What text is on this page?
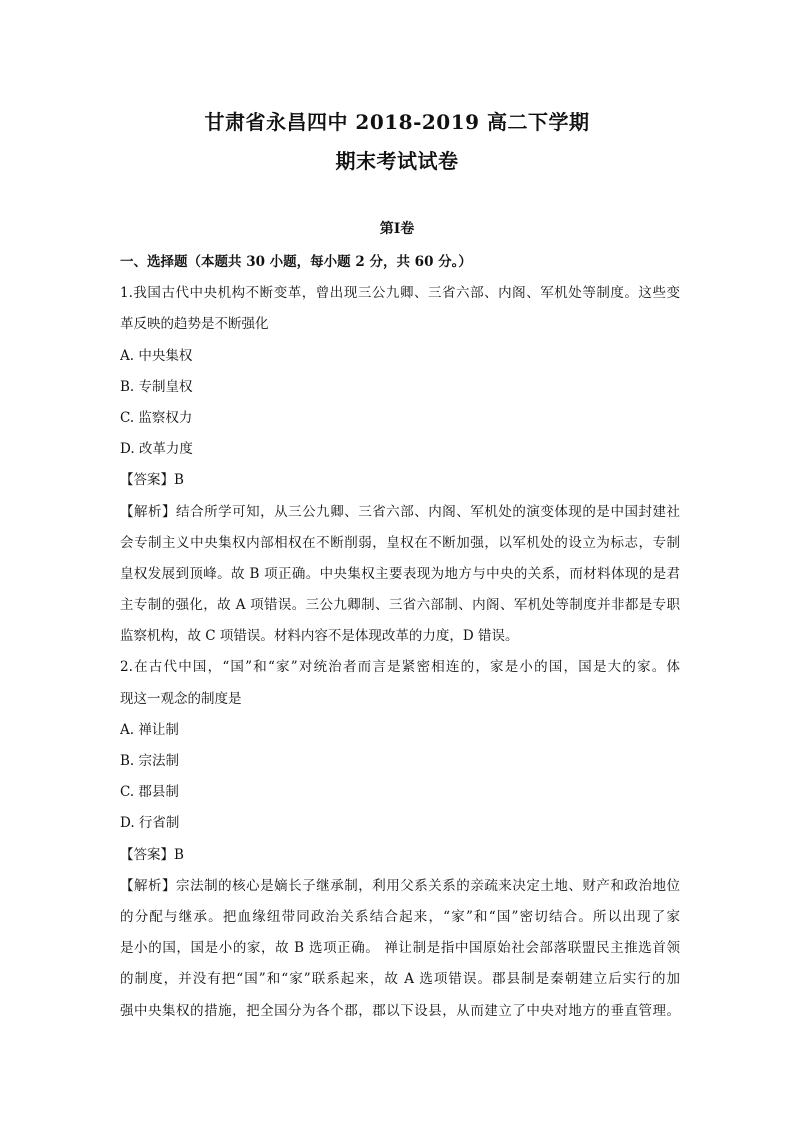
甘肃省永昌四中 2018-2019 高二下学期
期末考试试卷
第Ⅰ卷
一、选择题（本题共 30 小题，每小题 2 分，共 60 分。）
1.我国古代中央机构不断变革，曾出现三公九卿、三省六部、内阁、军机处等制度。这些变
革反映的趋势是不断强化
A. 中央集权
B. 专制皇权
C. 监察权力
D. 改革力度
【答案】B
【解析】结合所学可知，从三公九卿、三省六部、内阁、军机处的演变体现的是中国封建社
会专制主义中央集权内部相权在不断削弱，皇权在不断加强，以军机处的设立为标志，专制
皇权发展到顶峰。故 B 项正确。中央集权主要表现为地方与中央的关系，而材料体现的是君
主专制的强化，故 A 项错误。三公九卿制、三省六部制、内阁、军机处等制度并非都是专职
监察机构，故 C 项错误。材料内容不是体现改革的力度，D 错误。
2.在古代中国，“国”和“家”对统治者而言是紧密相连的，家是小的国，国是大的家。体
现这一观念的制度是
A. 禅让制
B. 宗法制
C. 郡县制
D. 行省制
【答案】B
【解析】宗法制的核心是嫡长子继承制，利用父系关系的亲疏来决定土地、财产和政治地位
的分配与继承。把血缘纽带同政治关系结合起来，“家”和“国”密切结合。所以出现了家
是小的国，国是小的家，故 B 选项正确。 禅让制是指中国原始社会部落联盟民主推选首领
的制度，并没有把“国”和“家”联系起来，故 A 选项错误。郡县制是秦朝建立后实行的加
强中央集权的措施，把全国分为各个郡，郡以下设县，从而建立了中央对地方的垂直管理。
